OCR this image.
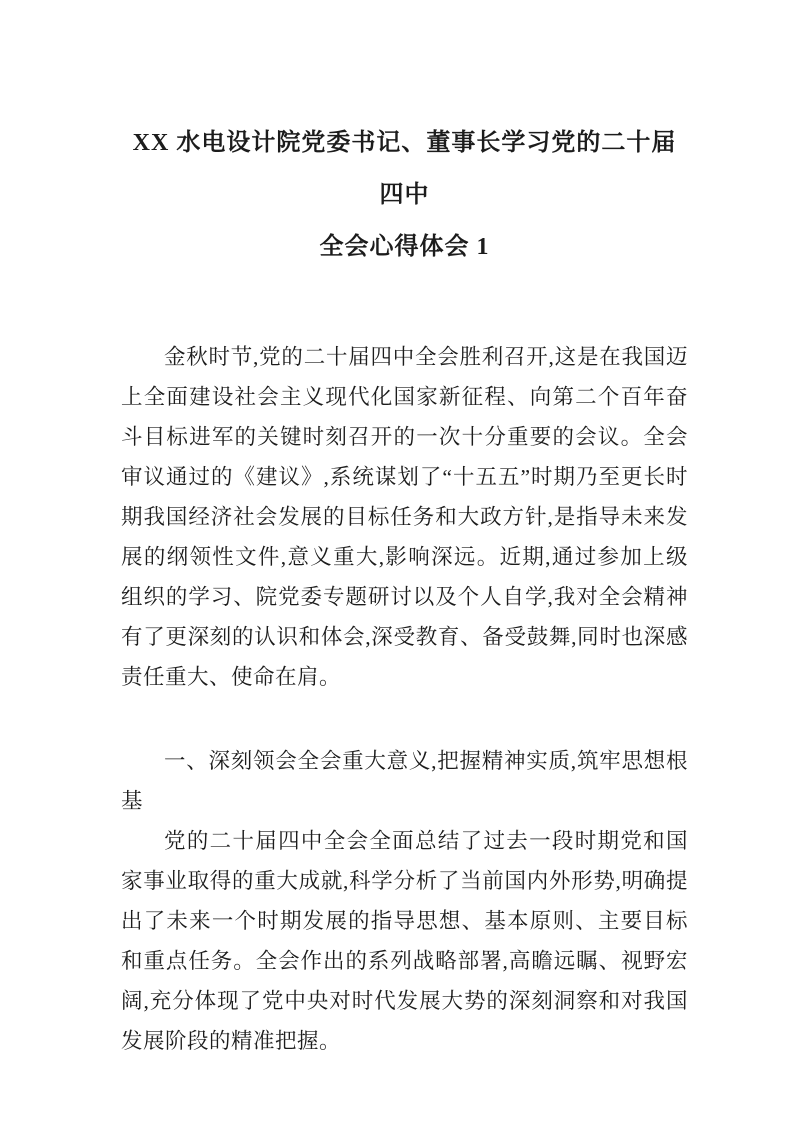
XX 水电设计院党委书记、董事长学习党的二十届四中
全会心得体会 1

金秋时节,党的二十届四中全会胜利召开,这是在我国迈上全面建设社会主义现代化国家新征程、向第二个百年奋斗目标进军的关键时刻召开的一次十分重要的会议。全会审议通过的《建议》,系统谋划了“十五五”时期乃至更长时期我国经济社会发展的目标任务和大政方针,是指导未来发展的纲领性文件,意义重大,影响深远。近期,通过参加上级组织的学习、院党委专题研讨以及个人自学,我对全会精神有了更深刻的认识和体会,深受教育、备受鼓舞,同时也深感责任重大、使命在肩。

一、深刻领会全会重大意义,把握精神实质,筑牢思想根基

党的二十届四中全会全面总结了过去一段时期党和国家事业取得的重大成就,科学分析了当前国内外形势,明确提出了未来一个时期发展的指导思想、基本原则、主要目标和重点任务。全会作出的系列战略部署,高瞻远瞩、视野宏阔,充分体现了党中央对时代发展大势的深刻洞察和对我国发展阶段的精准把握。
